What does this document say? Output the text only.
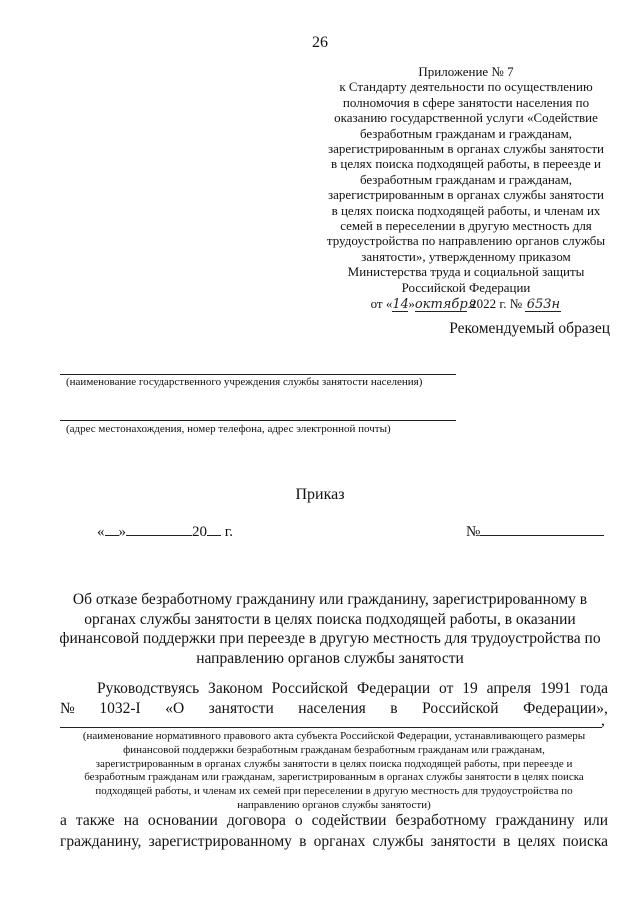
26
Приложение № 7
к Стандарту деятельности по осуществлению
полномочия в сфере занятости населения по
оказанию государственной услуги «Содействие
безработным гражданам и гражданам,
зарегистрированным в органах службы занятости
в целях поиска подходящей работы, в переезде и
безработным гражданам и гражданам,
зарегистрированным в органах службы занятости
в целях поиска подходящей работы, и членам их
семей в переселении в другую местность для
трудоустройства по направлению органов службы
занятости», утвержденному приказом
Министерства труда и социальной защиты
Российской Федерации
от «14»октября 2022 г. № 653н
Рекомендуемый образец
(наименование государственного учреждения службы занятости населения)
(адрес местонахождения, номер телефона, адрес электронной почты)
Приказ
« »	20 г.	№
Об отказе безработному гражданину или гражданину, зарегистрированному в
органах службы занятости в целях поиска подходящей работы, в оказании
финансовой поддержки при переезде в другую местность для трудоустройства по
направлению органов службы занятости
Руководствуясь Законом Российской Федерации от 19 апреля 1991 года
№ 1032-I «О занятости населения в Российской Федерации»,
,
(наименование нормативного правового акта субъекта Российской Федерации, устанавливающего размеры
финансовой поддержки безработным гражданам безработным гражданам или гражданам,
зарегистрированным в органах службы занятости в целях поиска подходящей работы, при переезде и
безработным гражданам или гражданам, зарегистрированным в органах службы занятости в целях поиска
подходящей работы, и членам их семей при переселении в другую местность для трудоустройства по
направлению органов службы занятости)
а также на основании договора о содействии безработному гражданину или
гражданину, зарегистрированному в органах службы занятости в целях поиска
